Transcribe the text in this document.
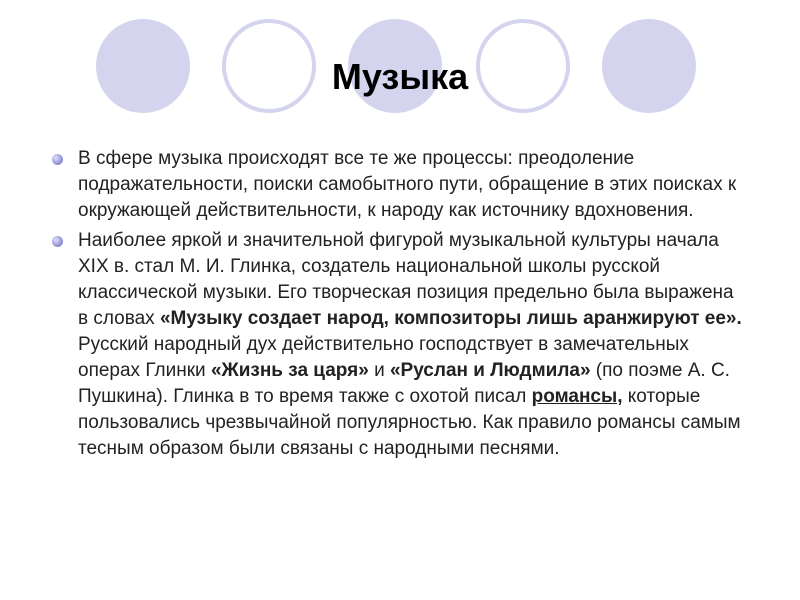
Музыка
В сфере музыка происходят все те же процессы: преодоление подражательности, поиски самобытного пути, обращение в этих поисках к окружающей действительности, к народу как источнику вдохновения.
Наиболее яркой и значительной фигурой музыкальной культуры начала XIX в. стал М. И. Глинка, создатель национальной школы русской классической музыки. Его творческая позиция предельно была выражена в словах «Музыку создает народ, композиторы лишь аранжируют ее». Русский народный дух действительно господствует в замечательных операх Глинки «Жизнь за царя» и «Руслан и Людмила» (по поэме А. С. Пушкина). Глинка в то время также с охотой писал романсы, которые пользовались чрезвычайной популярностью. Как правило романсы самым тесным образом были связаны с народными песнями.
